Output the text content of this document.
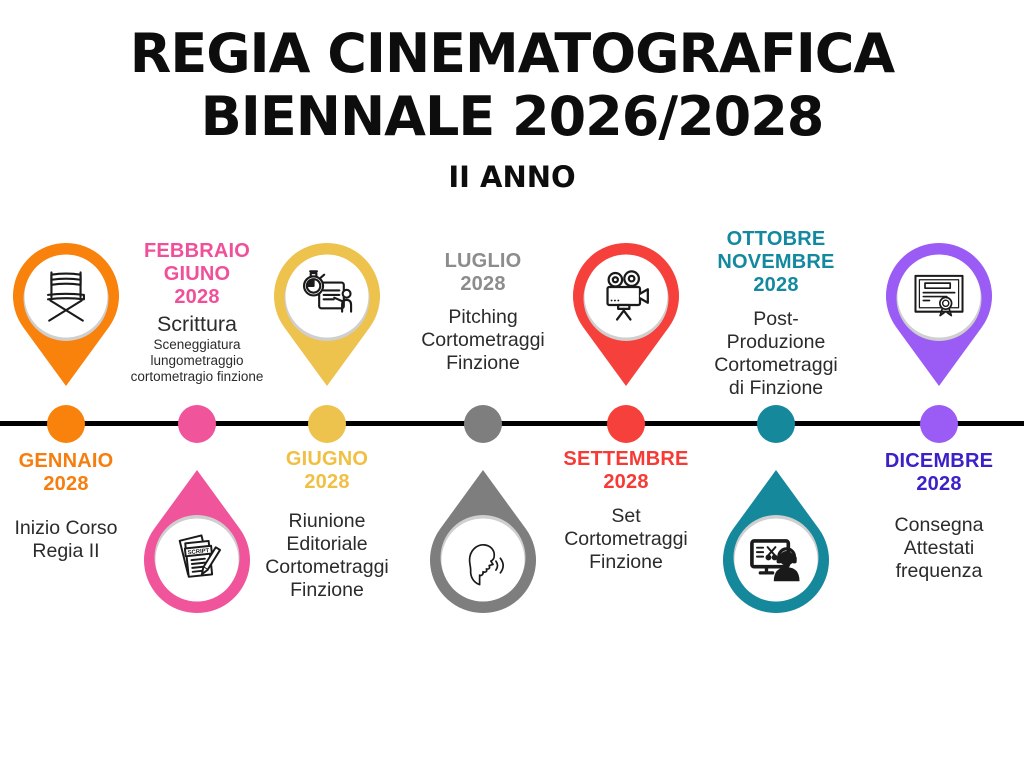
REGIA CINEMATOGRAFICA
BIENNALE 2026/2028
II ANNO
GENNAIO
2028
Inizio Corso
Regia II	SCRIPT
FEBBRAIO
GIUNO
2028
Scrittura
Sceneggiatura
lungometraggio
cortometragio finzione
GIUGNO
2028
Riunione
Editoriale
Cortometraggi
Finzione
LUGLIO
2028
Pitching
Cortometraggi
Finzione
SETTEMBRE
2028
Set
Cortometraggi
Finzione
OTTOBRE
NOVEMBRE
2028
Post-
Produzione
Cortometraggi
di Finzione
DICEMBRE
2028
Consegna
Attestati
frequenza
